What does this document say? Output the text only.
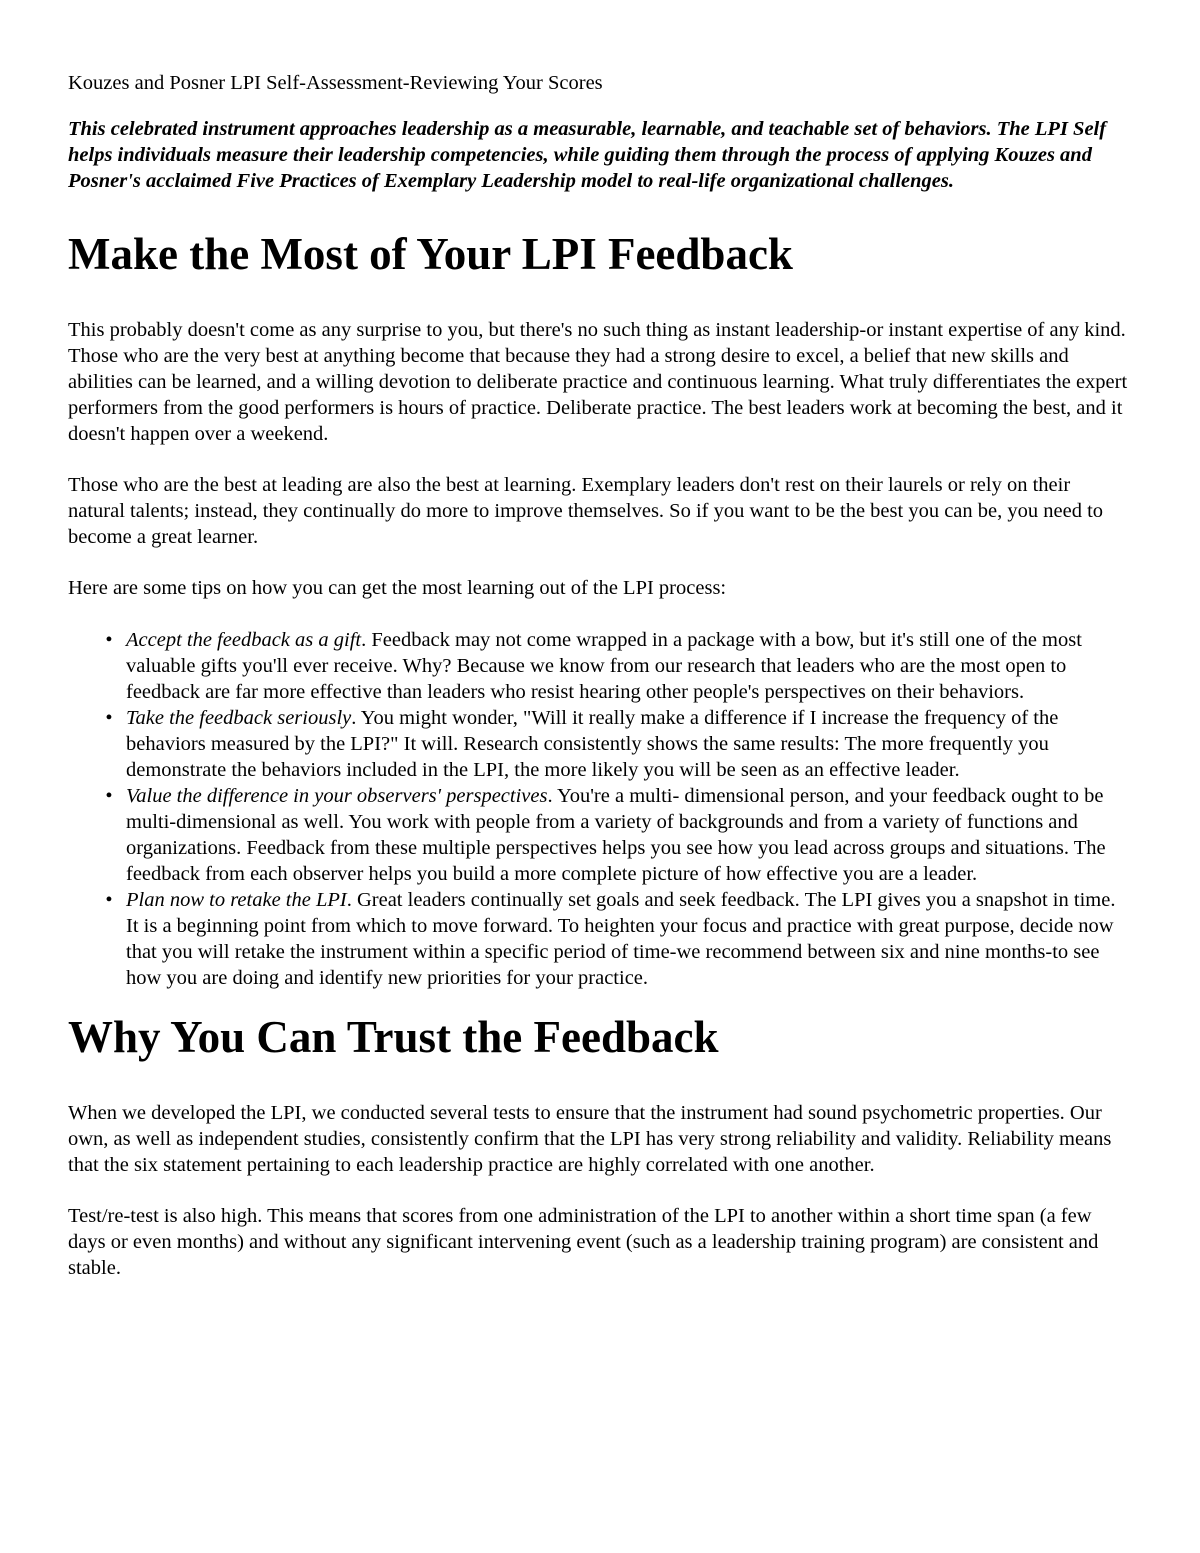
Kouzes and Posner LPI Self-Assessment-Reviewing Your Scores
This celebrated instrument approaches leadership as a measurable, learnable, and teachable set of behaviors. The LPI Self helps individuals measure their leadership competencies, while guiding them through the process of applying Kouzes and Posner's acclaimed Five Practices of Exemplary Leadership model to real-life organizational challenges.
Make the Most of Your LPI Feedback

This probably doesn't come as any surprise to you, but there's no such thing as instant leadership-or instant expertise of any kind. Those who are the very best at anything become that because they had a strong desire to excel, a belief that new skills and abilities can be learned, and a willing devotion to deliberate practice and continuous learning. What truly differentiates the expert performers from the good performers is hours of practice. Deliberate practice. The best leaders work at becoming the best, and it doesn't happen over a weekend.

Those who are the best at leading are also the best at learning. Exemplary leaders don't rest on their laurels or rely on their natural talents; instead, they continually do more to improve themselves. So if you want to be the best you can be, you need to become a great learner.

Here are some tips on how you can get the most learning out of the LPI process:

• Accept the feedback as a gift. Feedback may not come wrapped in a package with a bow, but it's still one of the most valuable gifts you'll ever receive. Why? Because we know from our research that leaders who are the most open to feedback are far more effective than leaders who resist hearing other people's perspectives on their behaviors.
• Take the feedback seriously. You might wonder, "Will it really make a difference if I increase the frequency of the behaviors measured by the LPI?" It will. Research consistently shows the same results: The more frequently you demonstrate the behaviors included in the LPI, the more likely you will be seen as an effective leader.
• Value the difference in your observers' perspectives. You're a multi- dimensional person, and your feedback ought to be multi-dimensional as well. You work with people from a variety of backgrounds and from a variety of functions and organizations. Feedback from these multiple perspectives helps you see how you lead across groups and situations. The feedback from each observer helps you build a more complete picture of how effective you are a leader.
• Plan now to retake the LPI. Great leaders continually set goals and seek feedback. The LPI gives you a snapshot in time. It is a beginning point from which to move forward. To heighten your focus and practice with great purpose, decide now that you will retake the instrument within a specific period of time-we recommend between six and nine months-to see how you are doing and identify new priorities for your practice.
Why You Can Trust the Feedback

When we developed the LPI, we conducted several tests to ensure that the instrument had sound psychometric properties. Our own, as well as independent studies, consistently confirm that the LPI has very strong reliability and validity. Reliability means that the six statement pertaining to each leadership practice are highly correlated with one another.

Test/re-test is also high. This means that scores from one administration of the LPI to another within a short time span (a few days or even months) and without any significant intervening event (such as a leadership training program) are consistent and stable.
